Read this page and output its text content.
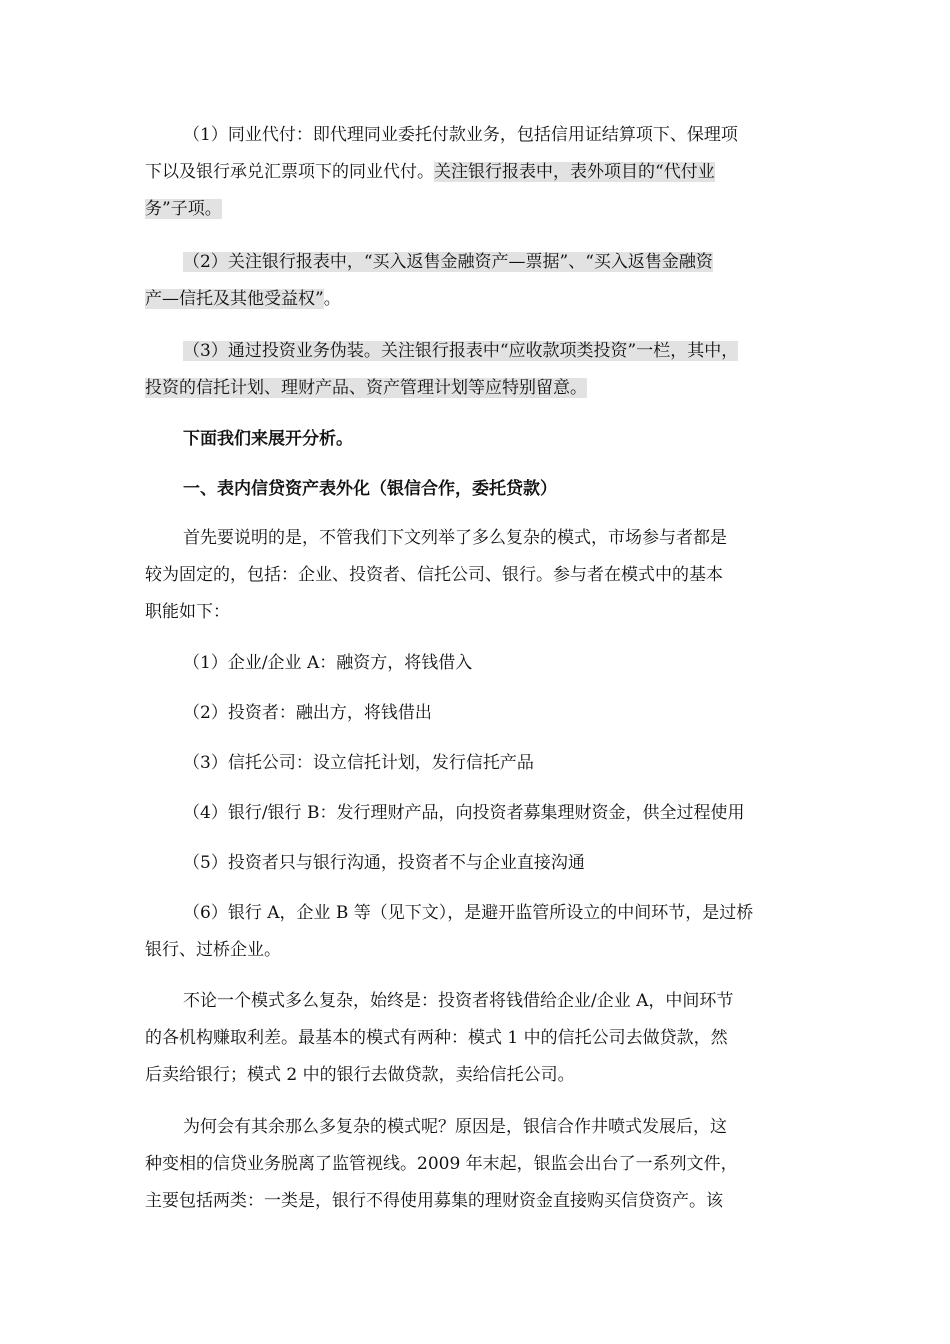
（1）同业代付：即代理同业委托付款业务，包括信用证结算项下、保理项
下以及银行承兑汇票项下的同业代付。关注银行报表中，表外项目的“代付业
务”子项。

（2）关注银行报表中，“买入返售金融资产—票据”、“买入返售金融资
产—信托及其他受益权”。

（3）通过投资业务伪装。关注银行报表中“应收款项类投资”一栏，其中，
投资的信托计划、理财产品、资产管理计划等应特别留意。

下面我们来展开分析。

一、表内信贷资产表外化（银信合作，委托贷款）

首先要说明的是，不管我们下文列举了多么复杂的模式，市场参与者都是
较为固定的，包括：企业、投资者、信托公司、银行。参与者在模式中的基本
职能如下：

（1）企业/企业 A：融资方，将钱借入

（2）投资者：融出方，将钱借出

（3）信托公司：设立信托计划，发行信托产品

（4）银行/银行 B：发行理财产品，向投资者募集理财资金，供全过程使用

（5）投资者只与银行沟通，投资者不与企业直接沟通

（6）银行 A，企业 B 等（见下文），是避开监管所设立的中间环节，是过桥
银行、过桥企业。

不论一个模式多么复杂，始终是：投资者将钱借给企业/企业 A，中间环节
的各机构赚取利差。最基本的模式有两种：模式 1 中的信托公司去做贷款，然
后卖给银行；模式 2 中的银行去做贷款，卖给信托公司。

为何会有其余那么多复杂的模式呢？原因是，银信合作井喷式发展后，这
种变相的信贷业务脱离了监管视线。2009 年末起，银监会出台了一系列文件，
主要包括两类：一类是，银行不得使用募集的理财资金直接购买信贷资产。该
